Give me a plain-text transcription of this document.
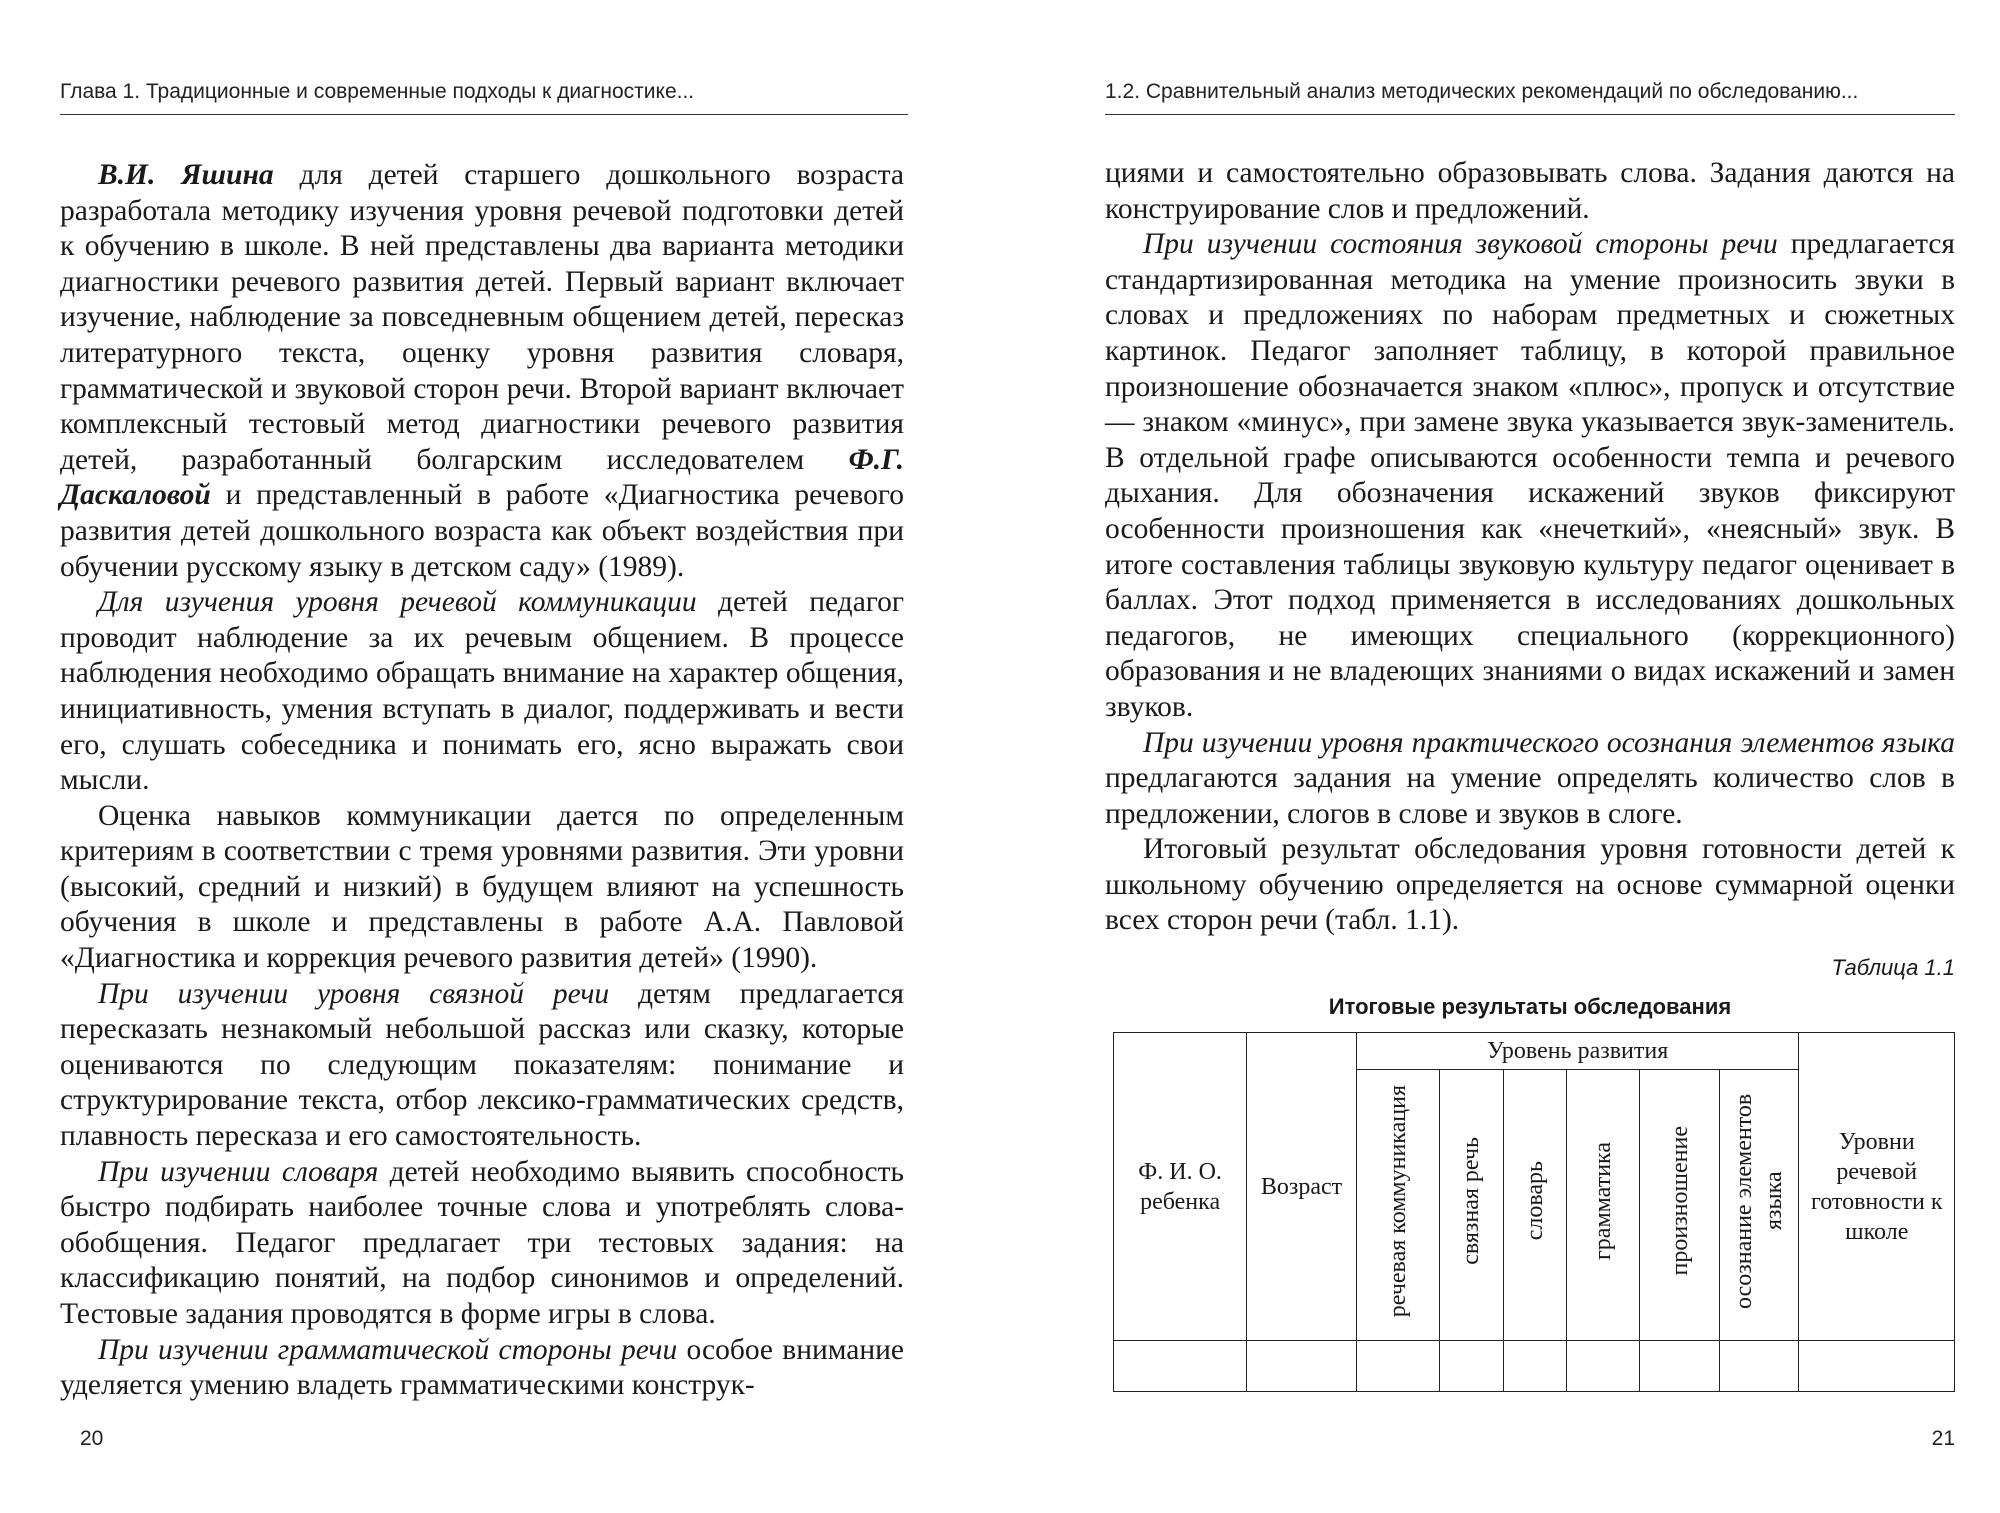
Глава 1. Традиционные и современные подходы к диагностике...

В.И. Яшина для детей старшего дошкольного возраста разработала методику изучения уровня речевой подготовки детей к обучению в школе. В ней представлены два варианта методики диагностики речевого развития детей. Первый вариант включает изучение, наблюдение за повседневным общением детей, пересказ литературного текста, оценку уровня развития словаря, грамматической и звуковой сторон речи. Второй вариант включает комплексный тестовый метод диагностики речевого развития детей, разработанный болгарским исследователем Ф.Г. Даскаловой и представленный в работе «Диагностика речевого развития детей дошкольного возраста как объект воздействия при обучении русскому языку в детском саду» (1989).

Для изучения уровня речевой коммуникации детей педагог проводит наблюдение за их речевым общением. В процессе наблюдения необходимо обращать внимание на характер общения, инициативность, умения вступать в диалог, поддерживать и вести его, слушать собеседника и понимать его, ясно выражать свои мысли.

Оценка навыков коммуникации дается по определенным критериям в соответствии с тремя уровнями развития. Эти уровни (высокий, средний и низкий) в будущем влияют на успешность обучения в школе и представлены в работе А.А. Павловой «Диагностика и коррекция речевого развития детей» (1990).

При изучении уровня связной речи детям предлагается пересказать незнакомый небольшой рассказ или сказку, которые оцениваются по следующим показателям: понимание и структурирование текста, отбор лексико-грамматических средств, плавность пересказа и его самостоятельность.

При изучении словаря детей необходимо выявить способность быстро подбирать наиболее точные слова и употреблять слова-обобщения. Педагог предлагает три тестовых задания: на классификацию понятий, на подбор синонимов и определений. Тестовые задания проводятся в форме игры в слова.

При изучении грамматической стороны речи особое внимание уделяется умению владеть грамматическими конструк-

20
1.2. Сравнительный анализ методических рекомендаций по обследованию...

циями и самостоятельно образовывать слова. Задания даются на конструирование слов и предложений.

При изучении состояния звуковой стороны речи предлагается стандартизированная методика на умение произносить звуки в словах и предложениях по наборам предметных и сюжетных картинок. Педагог заполняет таблицу, в которой правильное произношение обозначается знаком «плюс», пропуск и отсутствие — знаком «минус», при замене звука указывается звук-заменитель. В отдельной графе описываются особенности темпа и речевого дыхания. Для обозначения искажений звуков фиксируют особенности произношения как «нечеткий», «неясный» звук. В итоге составления таблицы звуковую культуру педагог оценивает в баллах. Этот подход применяется в исследованиях дошкольных педагогов, не имеющих специального (коррекционного) образования и не владеющих знаниями о видах искажений и замен звуков.

При изучении уровня практического осознания элементов языка предлагаются задания на умение определять количество слов в предложении, слогов в слове и звуков в слоге.

Итоговый результат обследования уровня готовности детей к школьному обучению определяется на основе суммарной оценки всех сторон речи (табл. 1.1).

Таблица 1.1
Итоговые результаты обследования
Ф. И. О. ребенка	Возраст	Уровень развития						Уровни речевой готовности к школе
		речевая коммуникация	связная речь	словарь	грамматика	произношение	осознание элементов языка	

21
